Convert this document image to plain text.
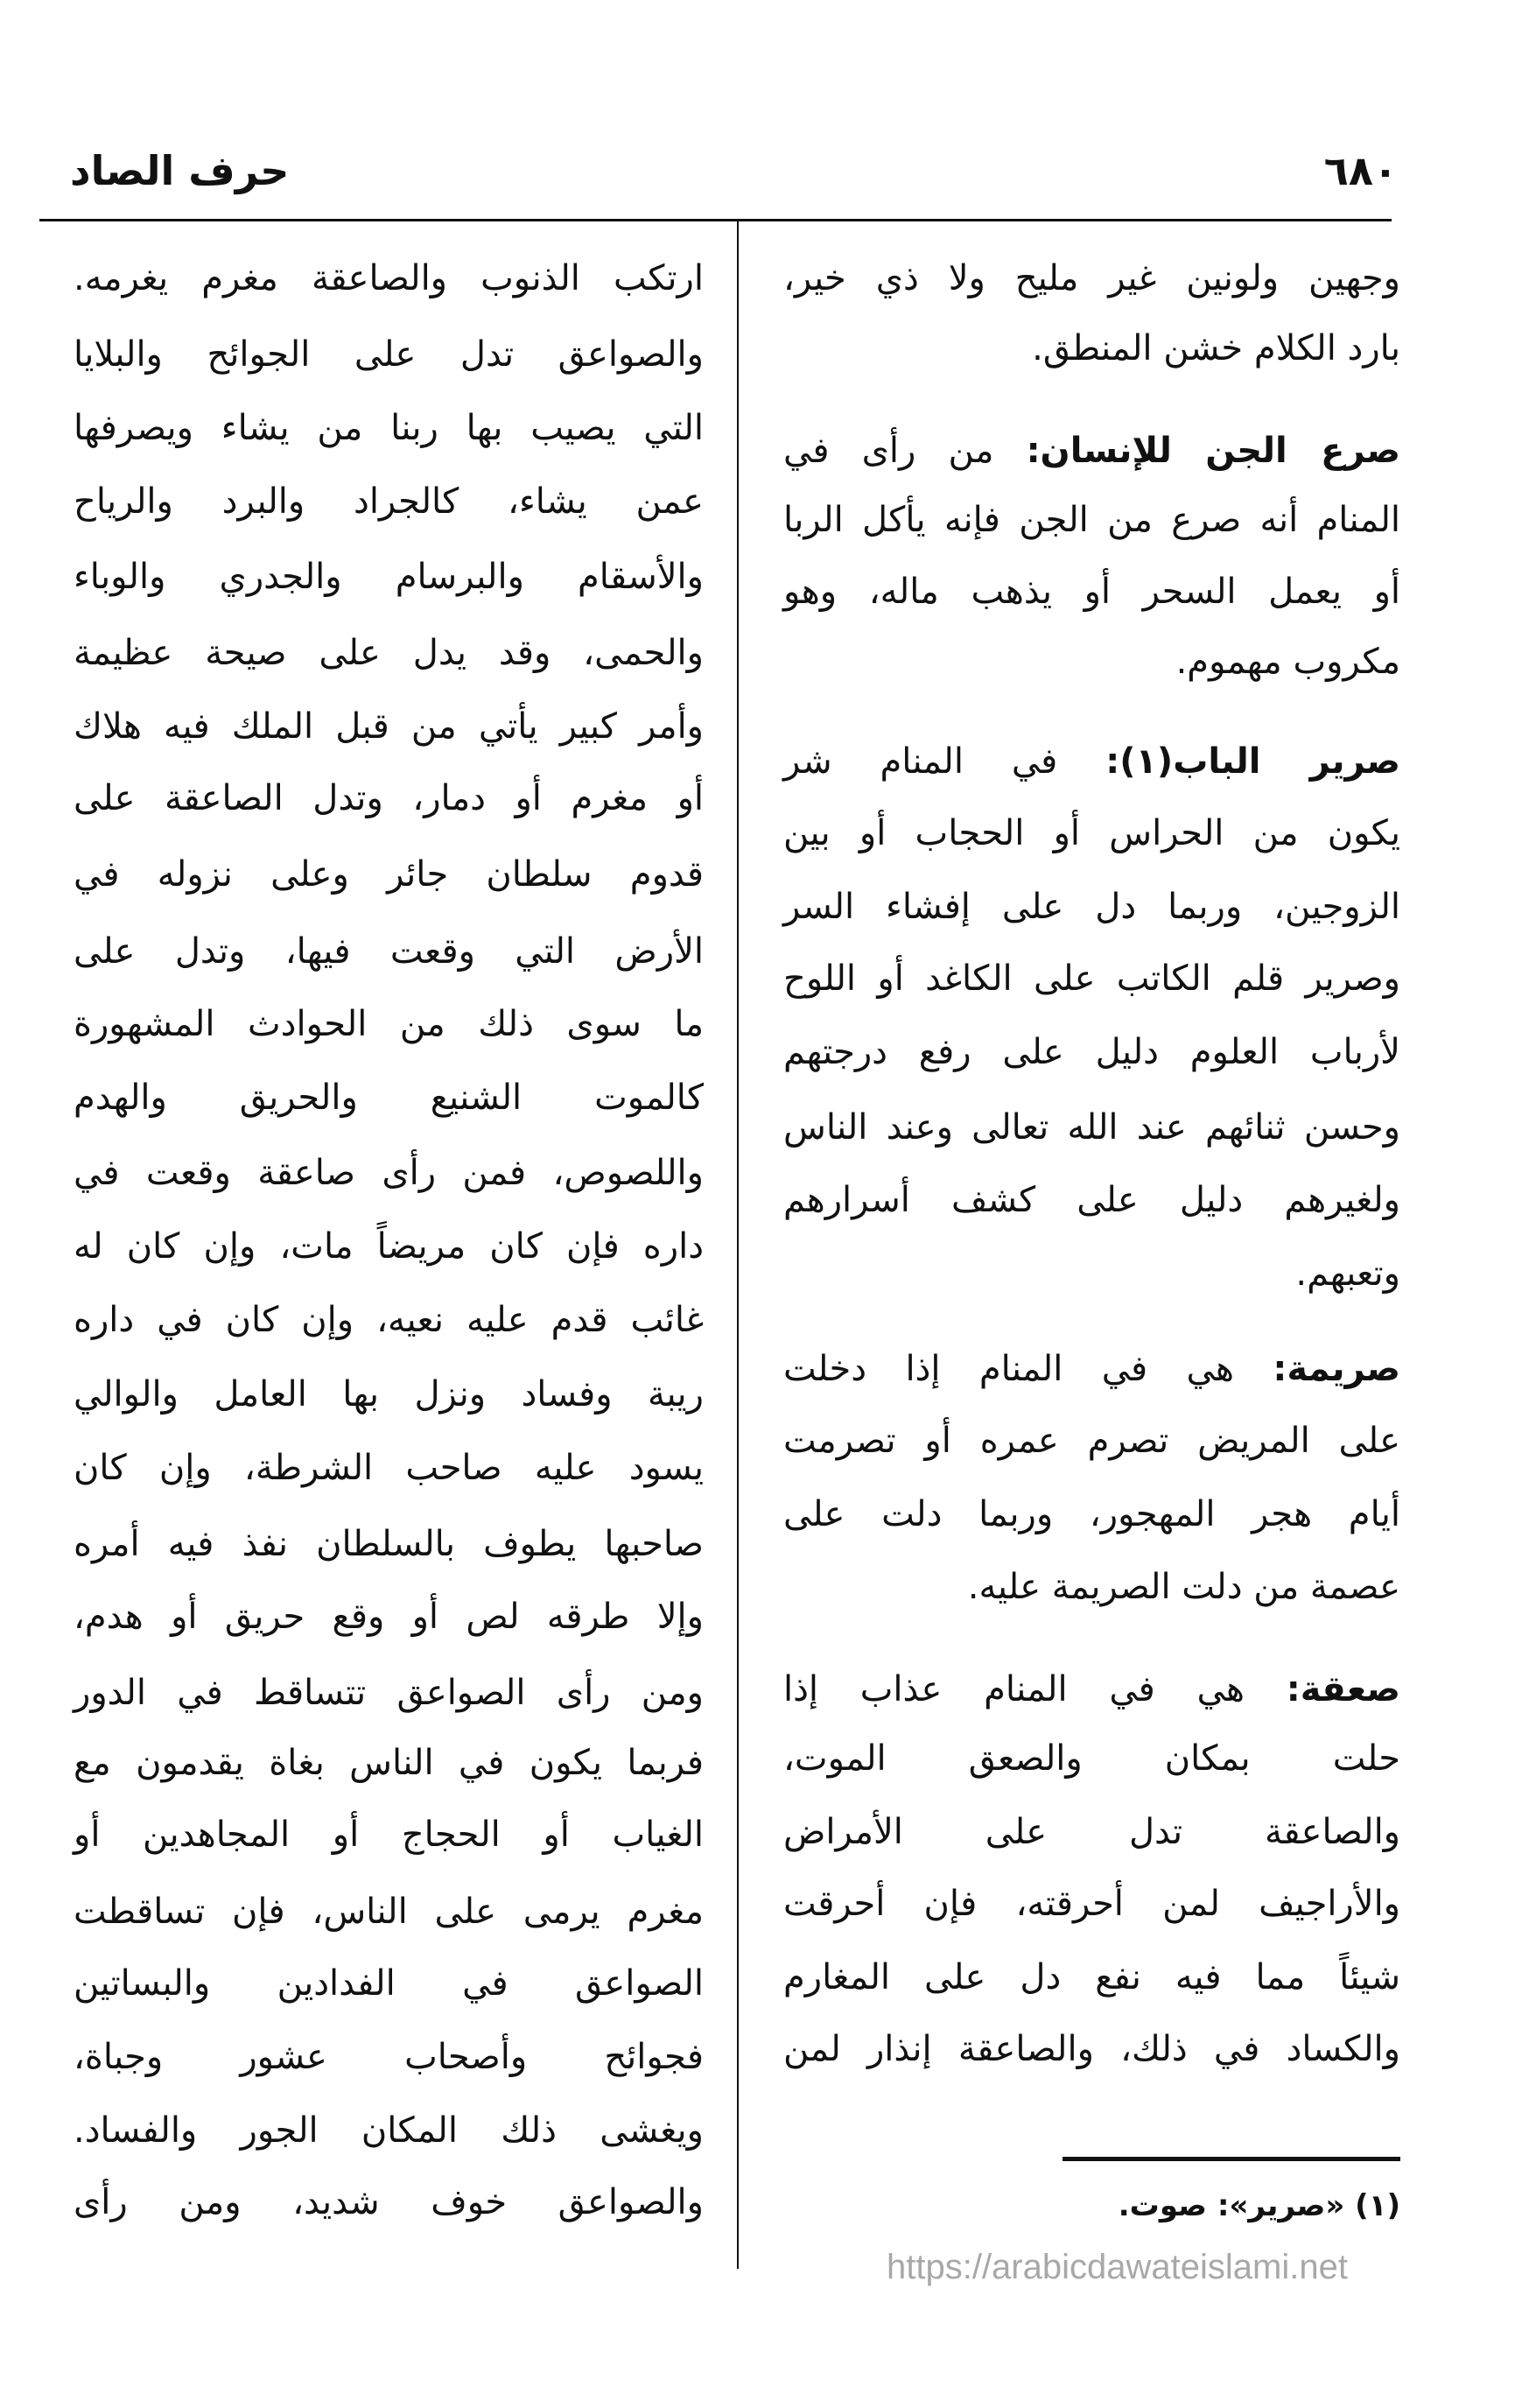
٦٨٠
حرف الصاد
وجهين ولونين غير مليح ولا ذي خير،
بارد الكلام خشن المنطق.
صرع الجن للإنسان: من رأى في
المنام أنه صرع من الجن فإنه يأكل الربا
أو يعمل السحر أو يذهب ماله، وهو
مكروب مهموم.
صرير الباب(١): في المنام شر
يكون من الحراس أو الحجاب أو بين
الزوجين، وربما دل على إفشاء السر
وصرير قلم الكاتب على الكاغد أو اللوح
لأرباب العلوم دليل على رفع درجتهم
وحسن ثنائهم عند الله تعالى وعند الناس
ولغيرهم دليل على كشف أسرارهم
وتعبهم.
صريمة: هي في المنام إذا دخلت
على المريض تصرم عمره أو تصرمت
أيام هجر المهجور، وربما دلت على
عصمة من دلت الصريمة عليه.
صعقة: هي في المنام عذاب إذا
حلت بمكان والصعق الموت،
والصاعقة تدل على الأمراض
والأراجيف لمن أحرقته، فإن أحرقت
شيئاً مما فيه نفع دل على المغارم
والكساد في ذلك، والصاعقة إنذار لمن
ارتكب الذنوب والصاعقة مغرم يغرمه.
والصواعق تدل على الجوائح والبلايا
التي يصيب بها ربنا من يشاء ويصرفها
عمن يشاء، كالجراد والبرد والرياح
والأسقام والبرسام والجدري والوباء
والحمى، وقد يدل على صيحة عظيمة
وأمر كبير يأتي من قبل الملك فيه هلاك
أو مغرم أو دمار، وتدل الصاعقة على
قدوم سلطان جائر وعلى نزوله في
الأرض التي وقعت فيها، وتدل على
ما سوى ذلك من الحوادث المشهورة
كالموت الشنيع والحريق والهدم
واللصوص، فمن رأى صاعقة وقعت في
داره فإن كان مريضاً مات، وإن كان له
غائب قدم عليه نعيه، وإن كان في داره
ريبة وفساد ونزل بها العامل والوالي
يسود عليه صاحب الشرطة، وإن كان
صاحبها يطوف بالسلطان نفذ فيه أمره
وإلا طرقه لص أو وقع حريق أو هدم،
ومن رأى الصواعق تتساقط في الدور
فربما يكون في الناس بغاة يقدمون مع
الغياب أو الحجاج أو المجاهدين أو
مغرم يرمى على الناس، فإن تساقطت
الصواعق في الفدادين والبساتين
فجوائح وأصحاب عشور وجباة،
ويغشى ذلك المكان الجور والفساد.
والصواعق خوف شديد، ومن رأى	(١) «صرير»: صوت.
https://arabicdawateislami.net
